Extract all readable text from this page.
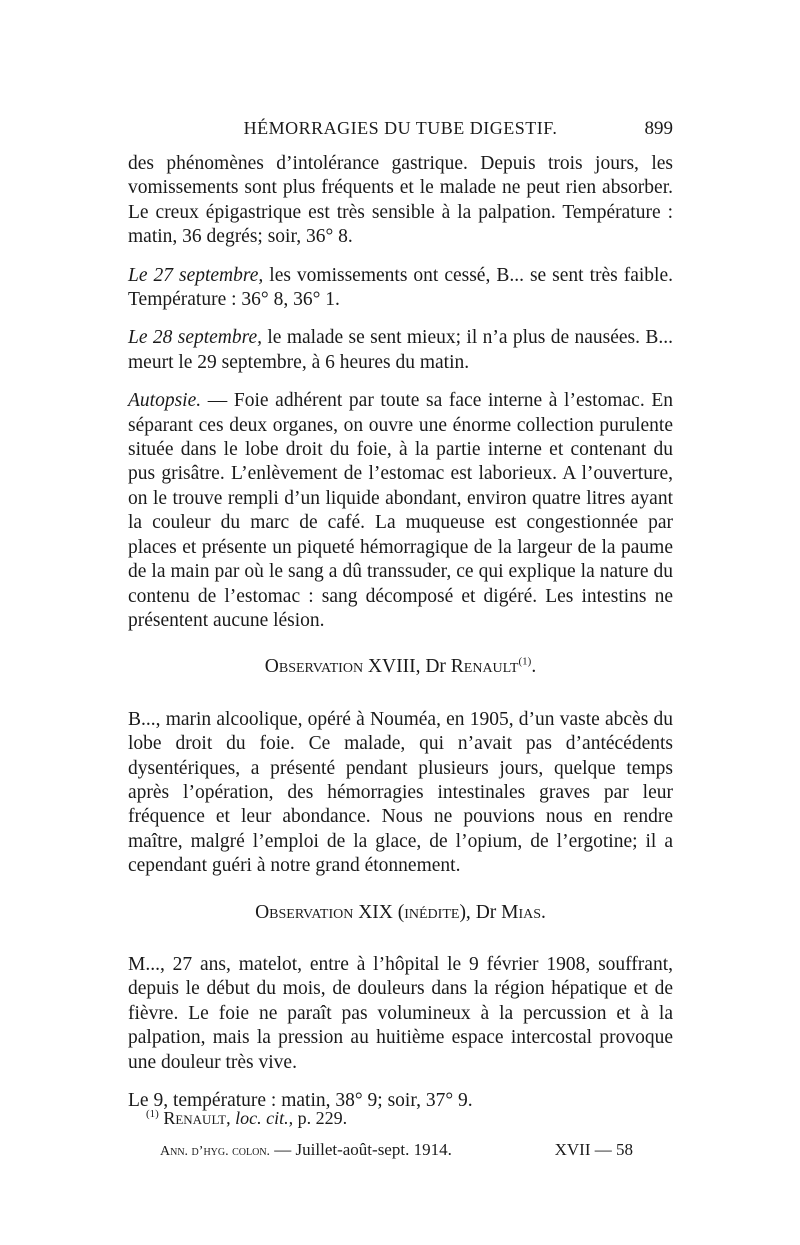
HÉMORRAGIES DU TUBE DIGESTIF.	899

des phénomènes d’intolérance gastrique. Depuis trois jours, les vomissements sont plus fréquents et le malade ne peut rien absorber. Le creux épigastrique est très sensible à la palpation. Température : matin, 36 degrés; soir, 36° 8.

Le 27 septembre, les vomissements ont cessé, B... se sent très faible. Température : 36° 8, 36° 1.

Le 28 septembre, le malade se sent mieux; il n’a plus de nausées. B... meurt le 29 septembre, à 6 heures du matin.

Autopsie. — Foie adhérent par toute sa face interne à l’estomac. En séparant ces deux organes, on ouvre une énorme collection purulente située dans le lobe droit du foie, à la partie interne et contenant du pus grisâtre. L’enlèvement de l’estomac est laborieux. A l’ouverture, on le trouve rempli d’un liquide abondant, environ quatre litres ayant la couleur du marc de café. La muqueuse est congestionnée par places et présente un piqueté hémorragique de la largeur de la paume de la main par où le sang a dû transsuder, ce qui explique la nature du contenu de l’estomac : sang décomposé et digéré. Les intestins ne présentent aucune lésion.

Observation XVIII, Dr Renault$^{(1)}$.

B..., marin alcoolique, opéré à Nouméa, en 1905, d’un vaste abcès du lobe droit du foie. Ce malade, qui n’avait pas d’antécédents dysentériques, a présenté pendant plusieurs jours, quelque temps après l’opération, des hémorragies intestinales graves par leur fréquence et leur abondance. Nous ne pouvions nous en rendre maître, malgré l’emploi de la glace, de l’opium, de l’ergotine; il a cependant guéri à notre grand étonnement.

Observation XIX (inédite), Dr Mias.

M..., 27 ans, matelot, entre à l’hôpital le 9 février 1908, souffrant, depuis le début du mois, de douleurs dans la région hépatique et de fièvre. Le foie ne paraît pas volumineux à la percussion et à la palpation, mais la pression au huitième espace intercostal provoque une douleur très vive.

Le 9, température : matin, 38° 9; soir, 37° 9.

$^{(1)}$ Renault, loc. cit., p. 229.
Ann. d’hyg. colon. — Juillet-août-sept. 1914.	XVII — 58
